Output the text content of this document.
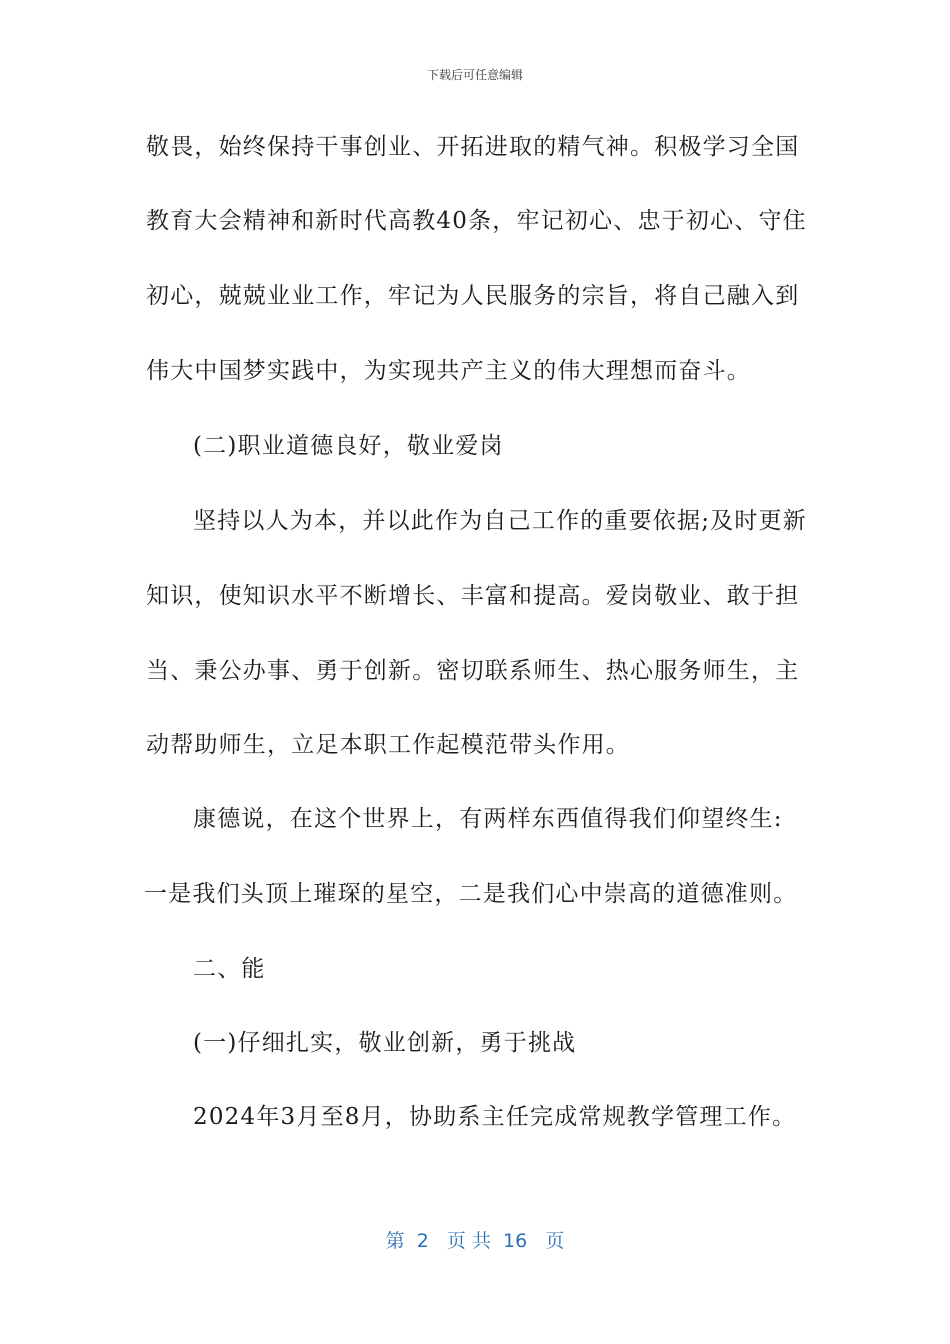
下载后可任意编辑
敬畏，始终保持干事创业、开拓进取的精气神。积极学习全国
教育大会精神和新时代高教40条，牢记初心、忠于初心、守住
初心，兢兢业业工作，牢记为人民服务的宗旨，将自己融入到
伟大中国梦实践中，为实现共产主义的伟大理想而奋斗。
(二)职业道德良好，敬业爱岗
坚持以人为本，并以此作为自己工作的重要依据;及时更新
知识，使知识水平不断增长、丰富和提高。爱岗敬业、敢于担
当、秉公办事、勇于创新。密切联系师生、热心服务师生，主
动帮助师生，立足本职工作起模范带头作用。
康德说，在这个世界上，有两样东西值得我们仰望终生:
一是我们头顶上璀琛的星空，二是我们心中崇高的道德准则。
二、能
(一)仔细扎实，敬业创新，勇于挑战
2024年3月至8月，协助系主任完成常规教学管理工作。
第  2   页 共  16   页
